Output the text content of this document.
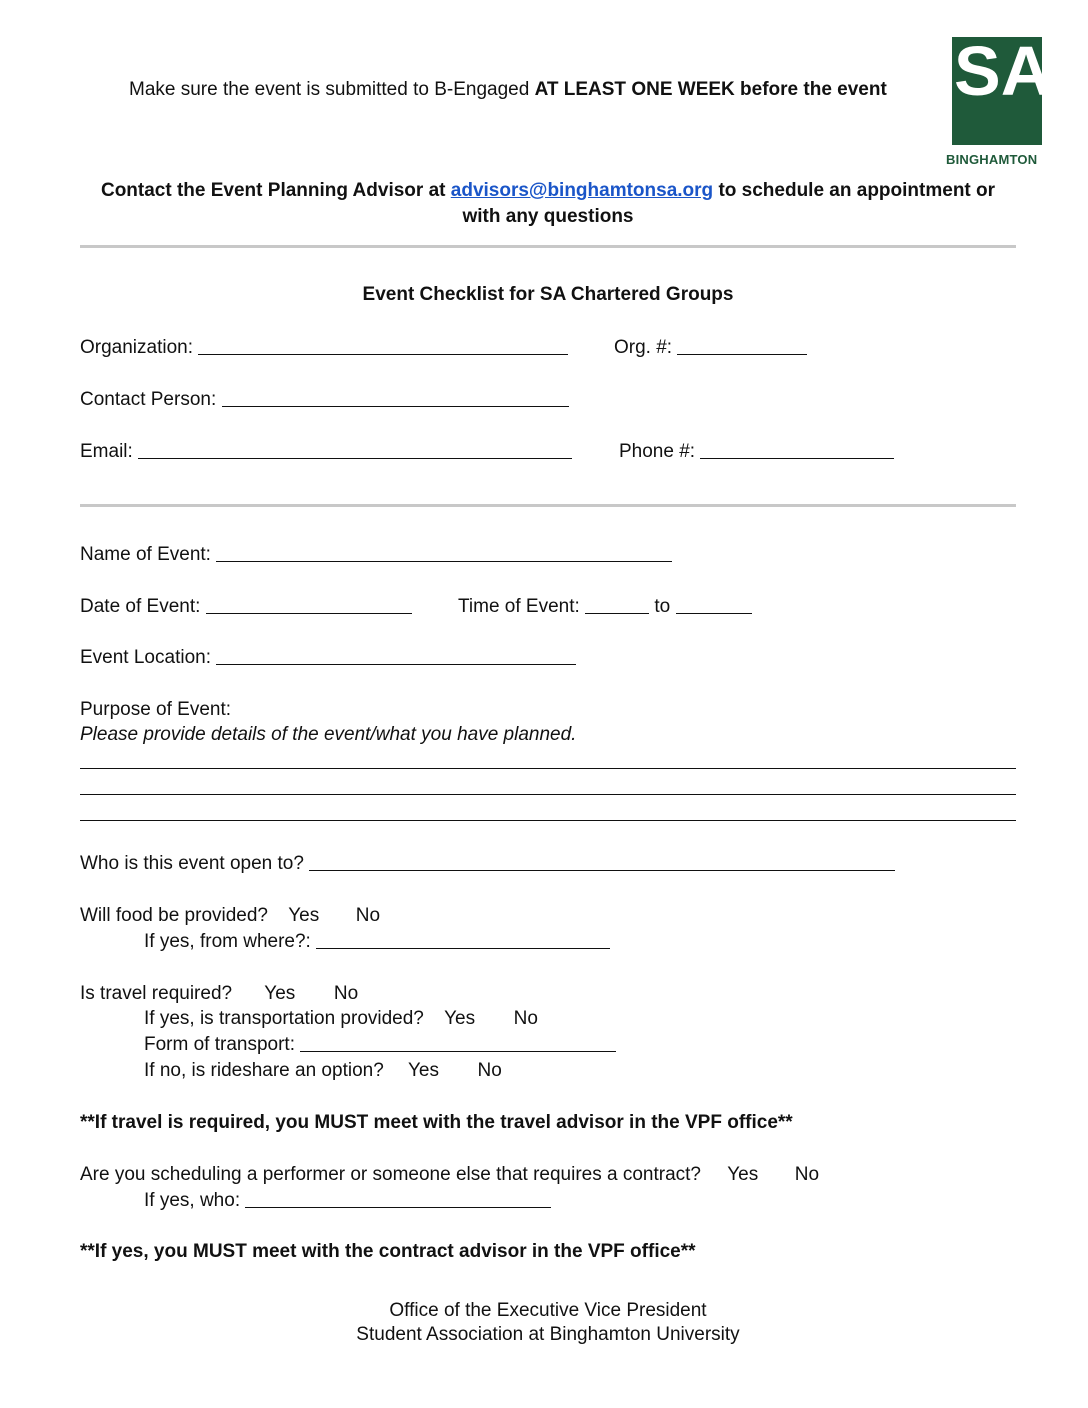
SA
BINGHAMTON
Make sure the event is submitted to B-Engaged AT LEAST ONE WEEK before the event
Contact the Event Planning Advisor at advisors@binghamtonsa.org to schedule an appointment or
with any questions
Event Checklist for SA Chartered Groups
Organization:	Org. #:
Contact Person:
Email:	Phone #:
Name of Event:
Date of Event:	Time of Event:	to
Event Location:
Purpose of Event:
Please provide details of the event/what you have planned.
Who is this event open to?
Will food be provided? Yes No
If yes, from where?:
Is travel required? Yes No
If yes, is transportation provided? Yes No
Form of transport:
If no, is rideshare an option? Yes No
**If travel is required, you MUST meet with the travel advisor in the VPF office**
Are you scheduling a performer or someone else that requires a contract? Yes No
If yes, who:
**If yes, you MUST meet with the contract advisor in the VPF office**
Office of the Executive Vice President
Student Association at Binghamton University
